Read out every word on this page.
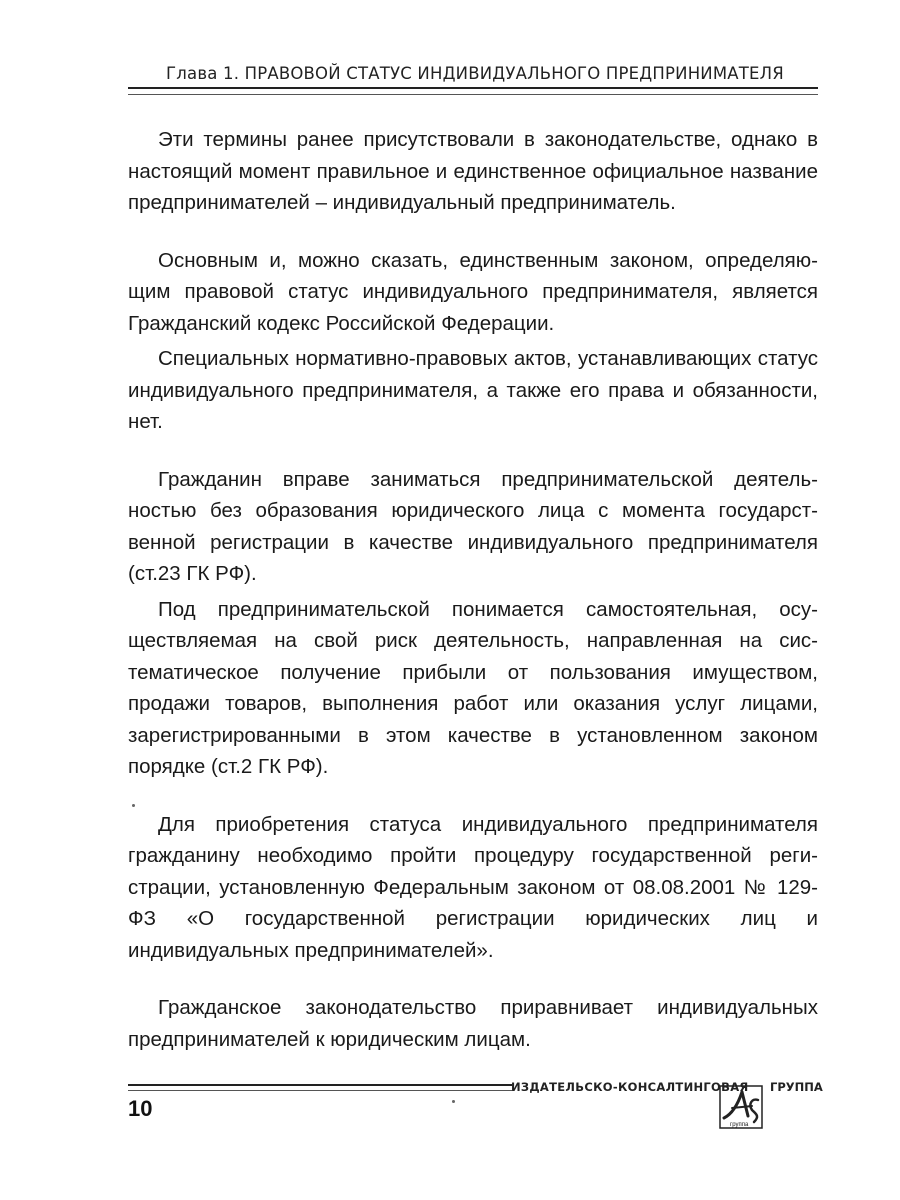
Глава 1. ПРАВОВОЙ СТАТУС ИНДИВИДУАЛЬНОГО ПРЕДПРИНИМАТЕЛЯ

Эти термины ранее присутствовали в законодательстве, однако в настоящий момент правильное и единственное официальное название предпринимателей – индивидуальный предприниматель.

Основным и, можно сказать, единственным законом, определяющим правовой статус индивидуального предпринимателя, является Гражданский кодекс Российской Федерации.

Специальных нормативно-правовых актов, устанавливающих статус индивидуального предпринимателя, а также его права и обязанности, нет.

Гражданин вправе заниматься предпринимательской деятельностью без образования юридического лица с момента государственной регистрации в качестве индивидуального предпринимателя (ст.23 ГК РФ).

Под предпринимательской понимается самостоятельная, осуществляемая на свой риск деятельность, направленная на систематическое получение прибыли от пользования имуществом, продажи товаров, выполнения работ или оказания услуг лицами, зарегистрированными в этом качестве в установленном законом порядке (ст.2 ГК РФ).

Для приобретения статуса индивидуального предпринимателя гражданину необходимо пройти процедуру государственной регистрации, установленную Федеральным законом от 08.08.2001 № 129-ФЗ «О государственной регистрации юридических лиц и индивидуальных предпринимателей».

Гражданское законодательство приравнивает индивидуальных предпринимателей к юридическим лицам.

10
ИЗДАТЕЛЬСКО-КОНСАЛТИНГОВАЯ
АС
группа
ГРУППА
